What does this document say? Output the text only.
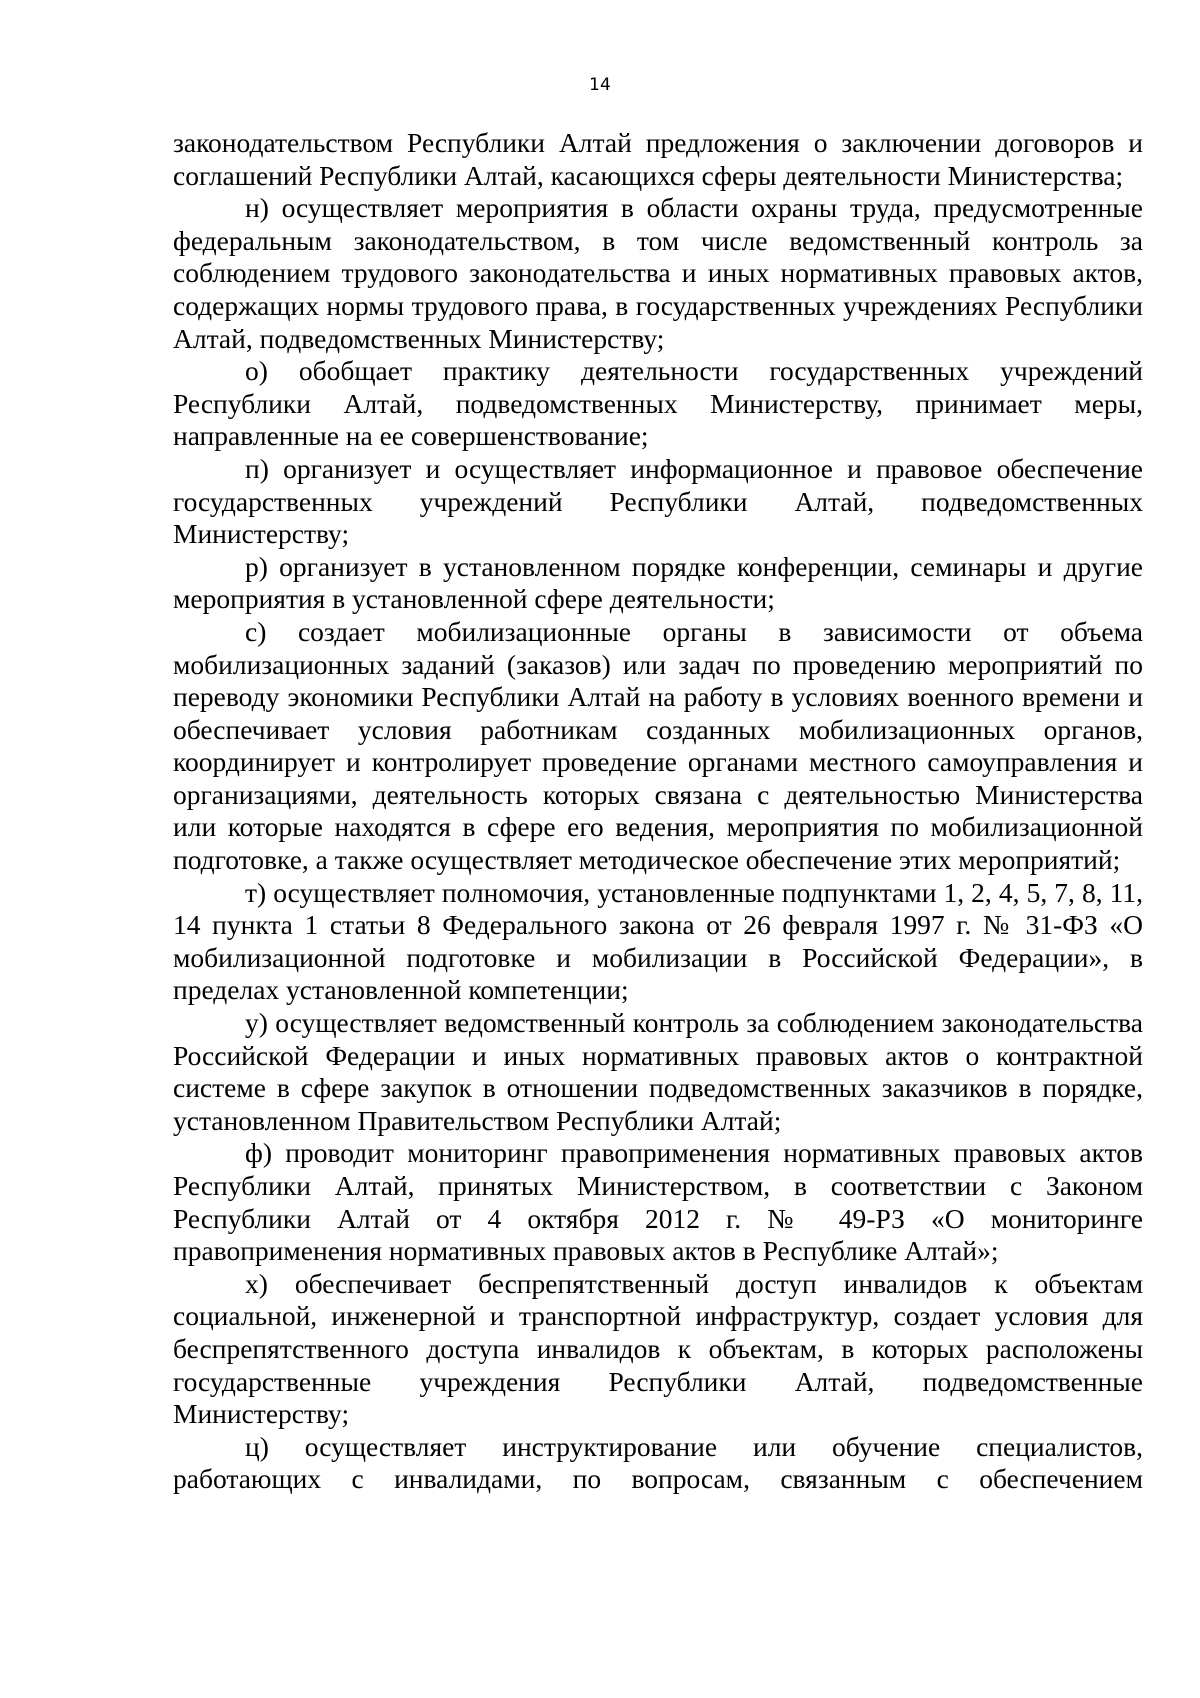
14

законодательством Республики Алтай предложения о заключении договоров и соглашений Республики Алтай, касающихся сферы деятельности Министерства;

н) осуществляет мероприятия в области охраны труда, предусмотренные федеральным законодательством, в том числе ведомственный контроль за соблюдением трудового законодательства и иных нормативных правовых актов, содержащих нормы трудового права, в государственных учреждениях Республики Алтай, подведомственных Министерству;

о) обобщает практику деятельности государственных учреждений Республики Алтай, подведомственных Министерству, принимает меры, направленные на ее совершенствование;

п) организует и осуществляет информационное и правовое обеспечение государственных учреждений Республики Алтай, подведомственных Министерству;

р) организует в установленном порядке конференции, семинары и другие мероприятия в установленной сфере деятельности;

с) создает мобилизационные органы в зависимости от объема мобилизационных заданий (заказов) или задач по проведению мероприятий по переводу экономики Республики Алтай на работу в условиях военного времени и обеспечивает условия работникам созданных мобилизационных органов, координирует и контролирует проведение органами местного самоуправления и организациями, деятельность которых связана с деятельностью Министерства или которые находятся в сфере его ведения, мероприятия по мобилизационной подготовке, а также осуществляет методическое обеспечение этих мероприятий;

т) осуществляет полномочия, установленные подпунктами 1, 2, 4, 5, 7, 8, 11, 14 пункта 1 статьи 8 Федерального закона от 26 февраля 1997 г. № 31-ФЗ «О мобилизационной подготовке и мобилизации в Российской Федерации», в пределах установленной компетенции;

у) осуществляет ведомственный контроль за соблюдением законодательства Российской Федерации и иных нормативных правовых актов о контрактной системе в сфере закупок в отношении подведомственных заказчиков в порядке, установленном Правительством Республики Алтай;

ф) проводит мониторинг правоприменения нормативных правовых актов Республики Алтай, принятых Министерством, в соответствии с Законом Республики Алтай от 4 октября 2012 г. № 49-РЗ «О мониторинге правоприменения нормативных правовых актов в Республике Алтай»;

х) обеспечивает беспрепятственный доступ инвалидов к объектам социальной, инженерной и транспортной инфраструктур, создает условия для беспрепятственного доступа инвалидов к объектам, в которых расположены государственные учреждения Республики Алтай, подведомственные Министерству;

ц) осуществляет инструктирование или обучение специалистов, работающих с инвалидами, по вопросам, связанным с обеспечением
